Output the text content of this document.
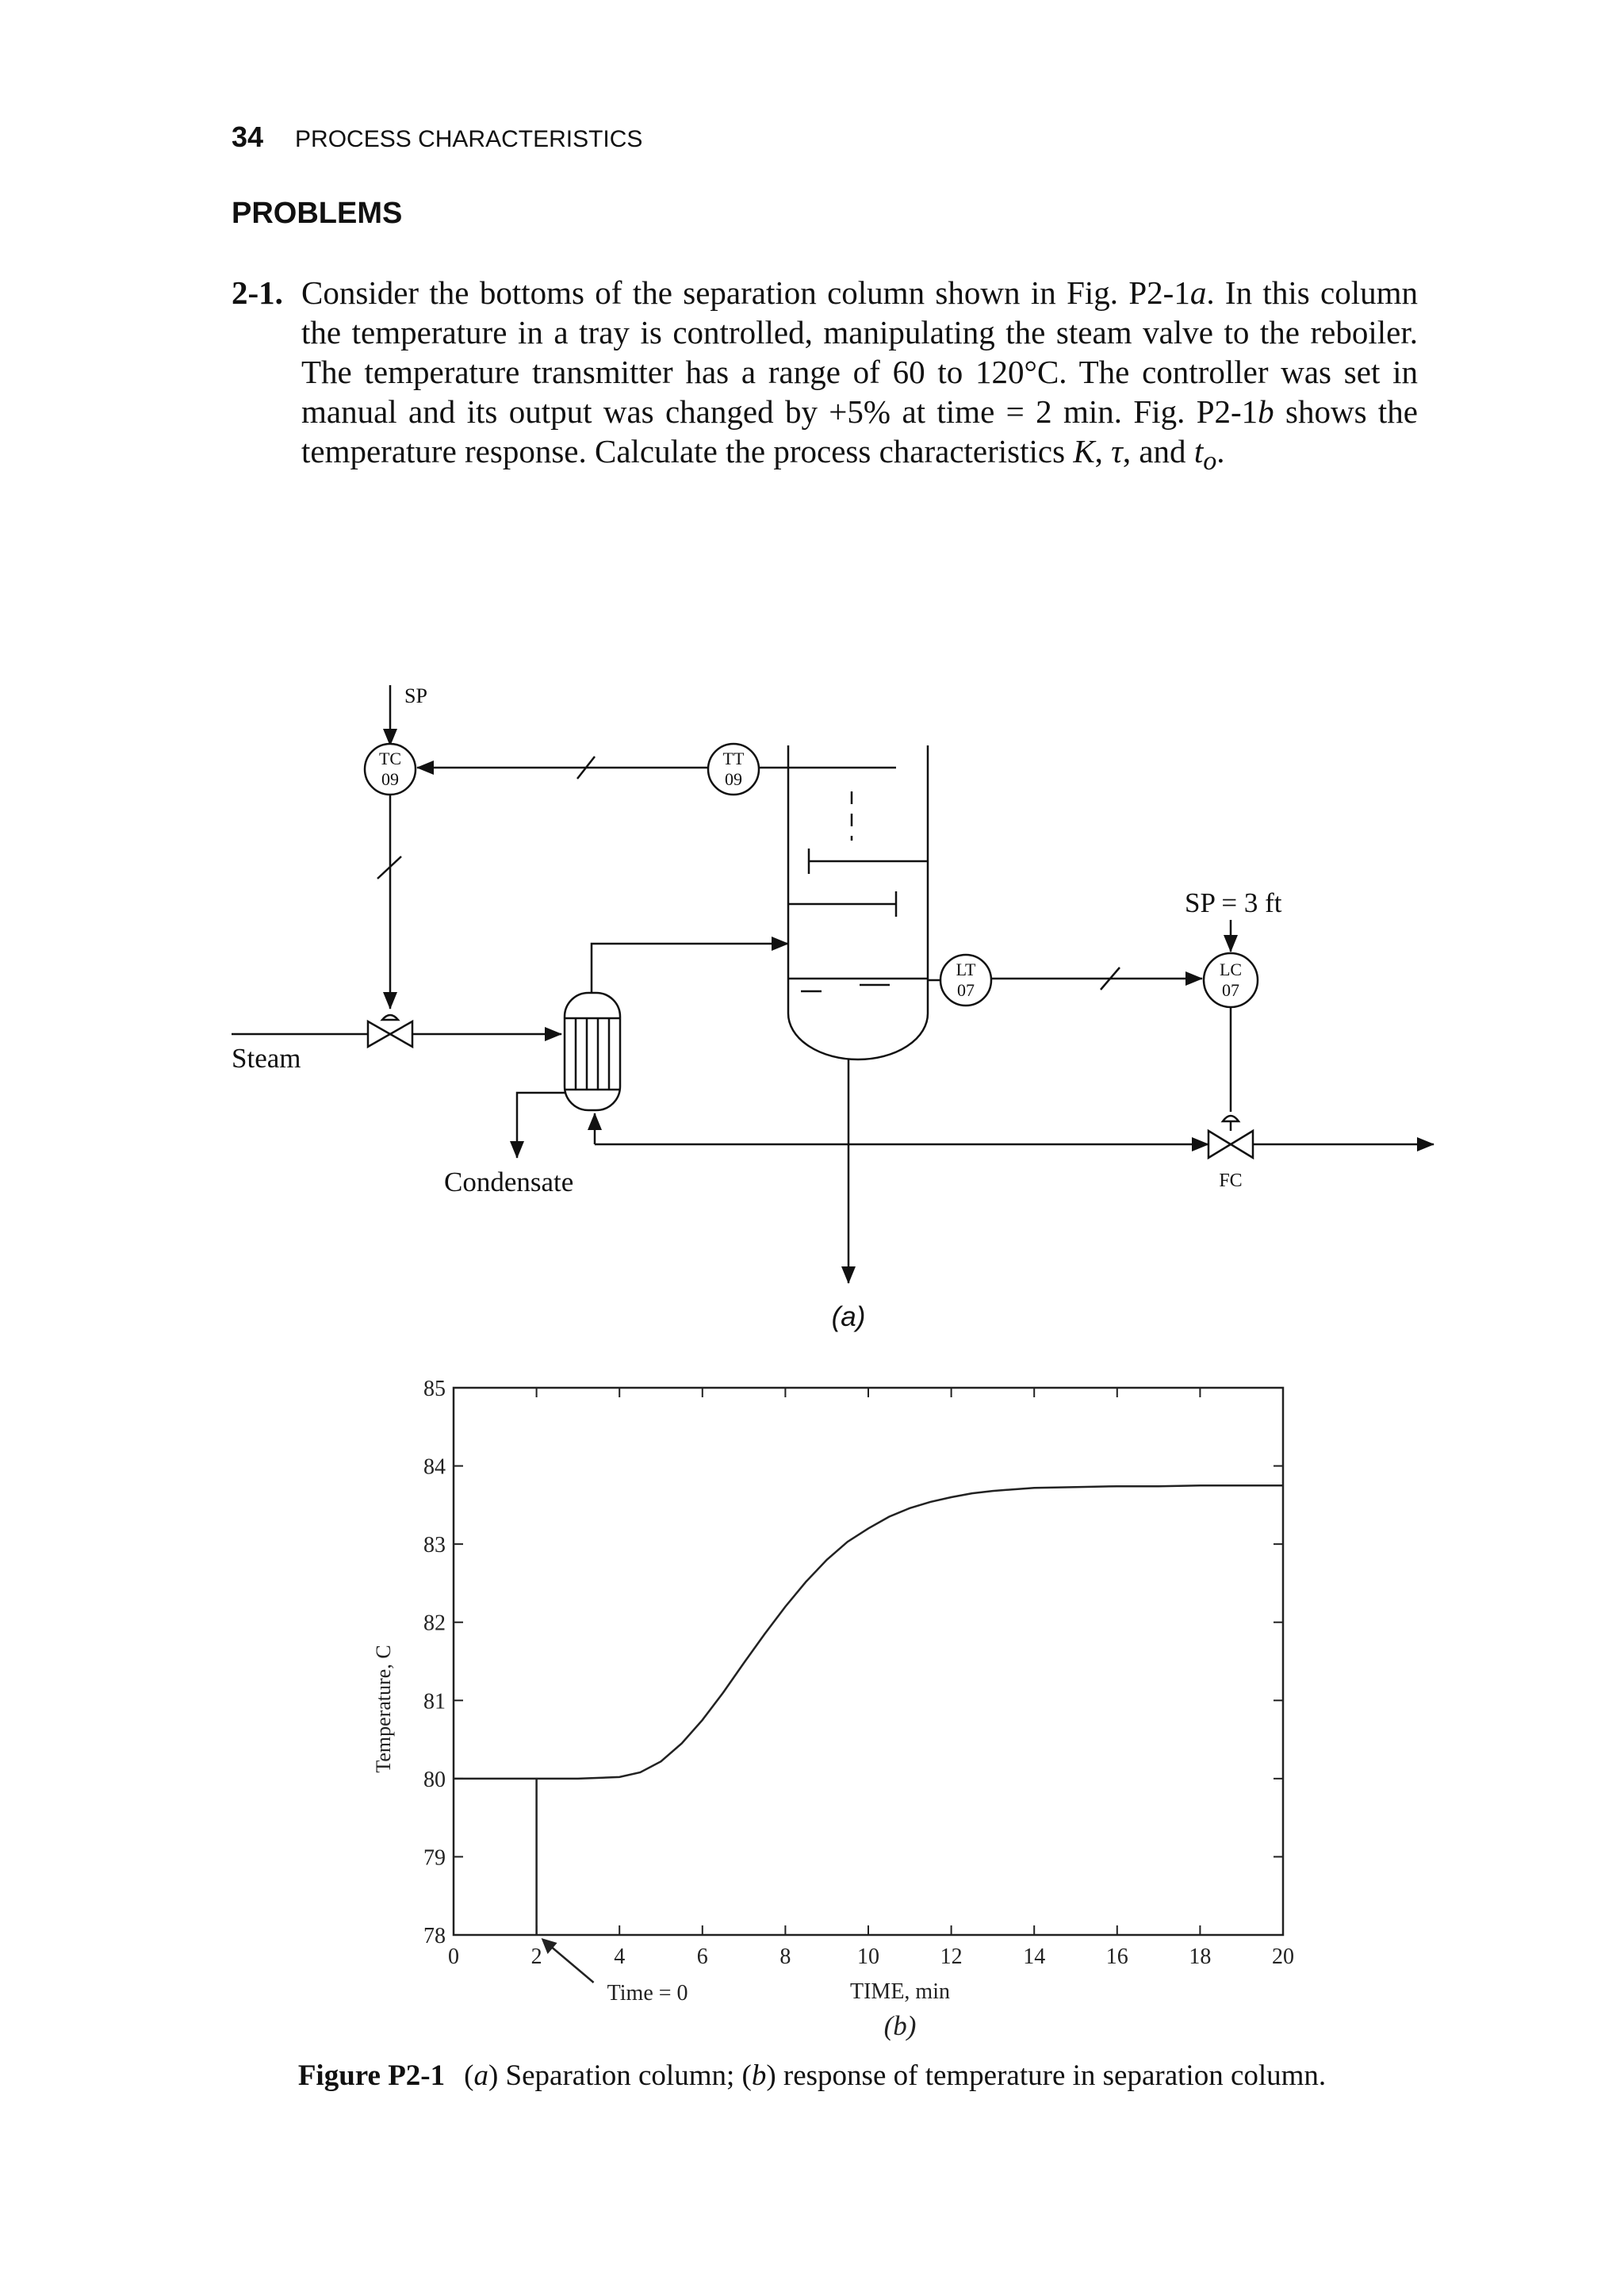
34 PROCESS CHARACTERISTICS
PROBLEMS
2-1. Consider the bottoms of the separation column shown in Fig. P2-1a. In this column the temperature in a tray is controlled, manipulating the steam valve to the reboiler. The temperature transmitter has a range of 60 to 120°C. The controller was set in manual and its output was changed by +5% at time = 2 min. Fig. P2-1b shows the temperature response. Calculate the process characteristics K, τ, and $t_o$.
SP
TC
09
TT
09
LT
07
LC
07
SP = 3 ft
Steam
Condensate	FC
(a)
0	2	4	6	8	10	12	14	16	18	20
78
79
80
81
82
83
84
85
Time = 0	TIME, min
Temperature, C
(b)
Figure P2-1 (a) Separation column; (b) response of temperature in separation column.
